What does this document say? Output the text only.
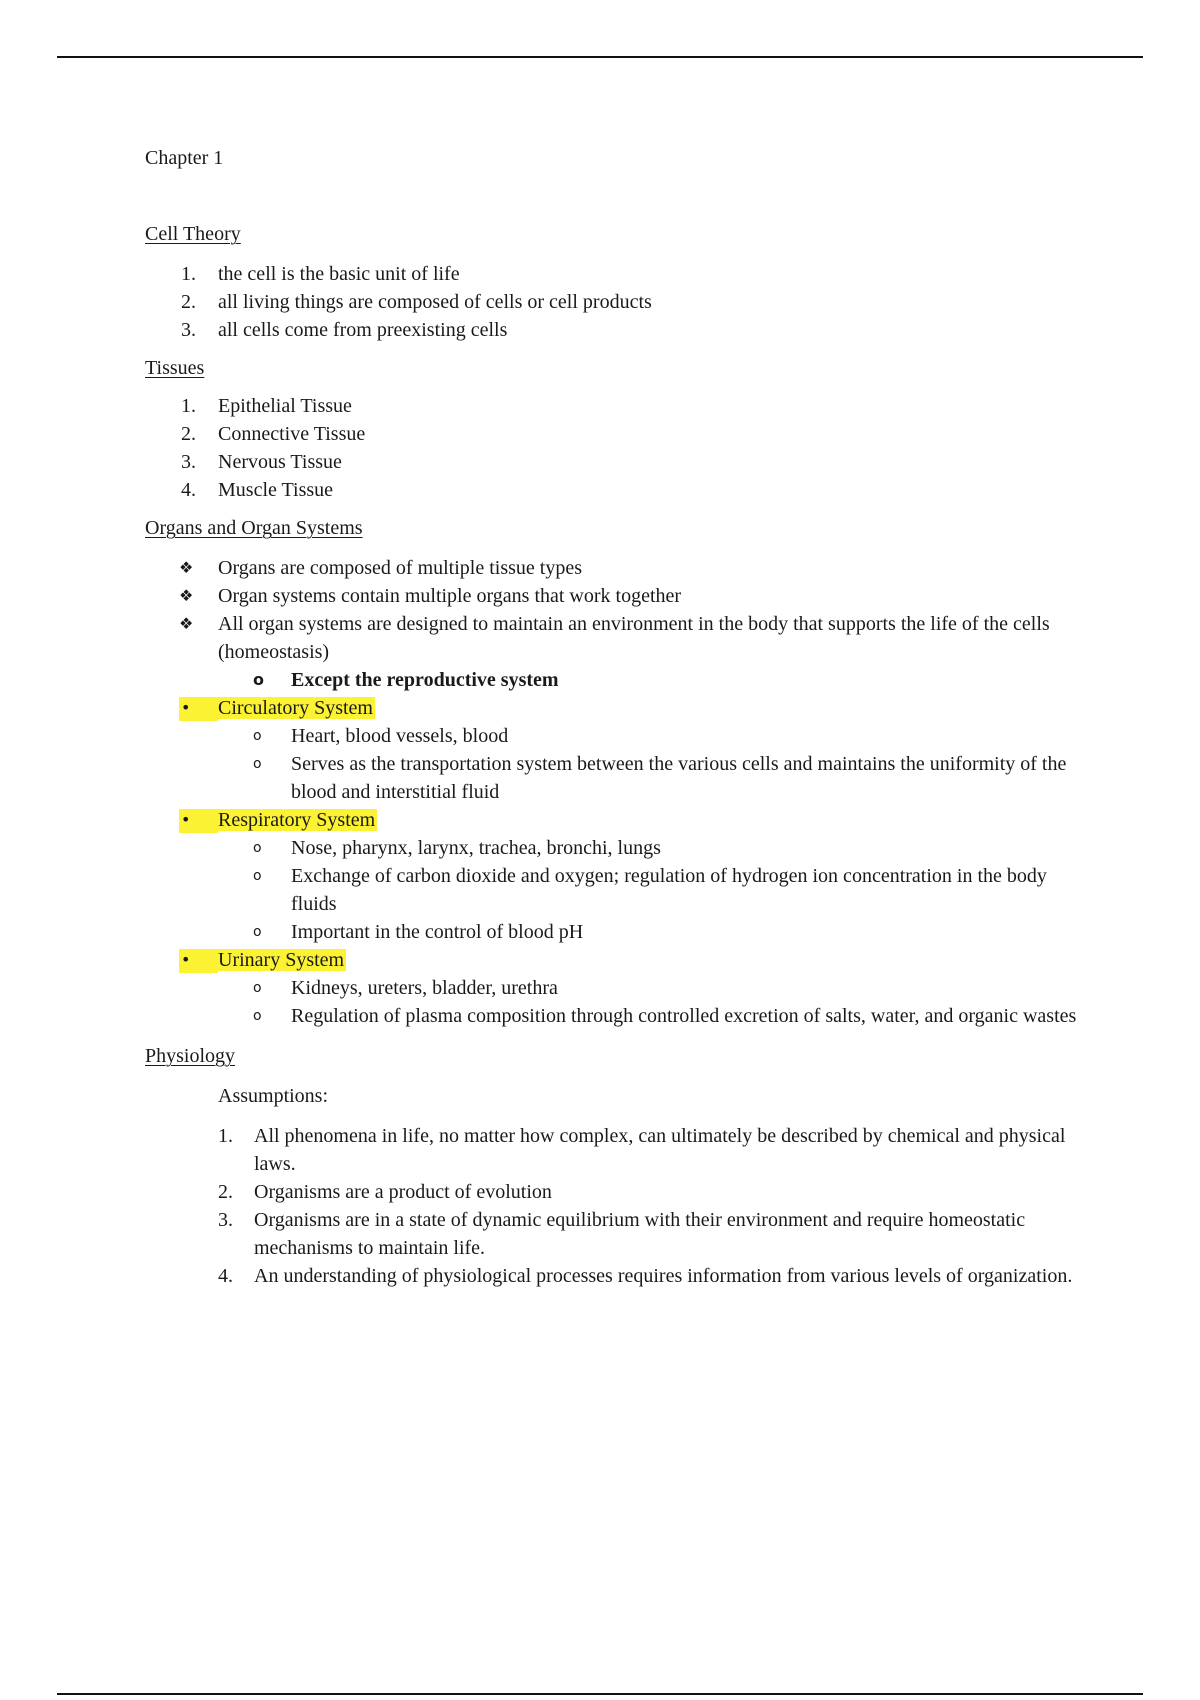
Chapter 1

Cell Theory

1.	the cell is the basic unit of life
2.	all living things are composed of cells or cell products
3.	all cells come from preexisting cells

Tissues

1.	Epithelial Tissue
2.	Connective Tissue
3.	Nervous Tissue
4.	Muscle Tissue

Organs and Organ Systems

❖	Organs are composed of multiple tissue types
❖	Organ systems contain multiple organs that work together
❖	All organ systems are designed to maintain an environment in the body that supports the life of the cells (homeostasis)
o Except the reproductive system
• Circulatory System
o Heart, blood vessels, blood
o Serves as the transportation system between the various cells and maintains the uniformity of the blood and interstitial fluid
• Respiratory System
o Nose, pharynx, larynx, trachea, bronchi, lungs
o Exchange of carbon dioxide and oxygen; regulation of hydrogen ion concentration in the body fluids
o Important in the control of blood pH
• Urinary System
o Kidneys, ureters, bladder, urethra
o Regulation of plasma composition through controlled excretion of salts, water, and organic wastes

Physiology

Assumptions:

1. All phenomena in life, no matter how complex, can ultimately be described by chemical and physical laws.
2. Organisms are a product of evolution
3. Organisms are in a state of dynamic equilibrium with their environment and require homeostatic mechanisms to maintain life.
4. An understanding of physiological processes requires information from various levels of organization.
